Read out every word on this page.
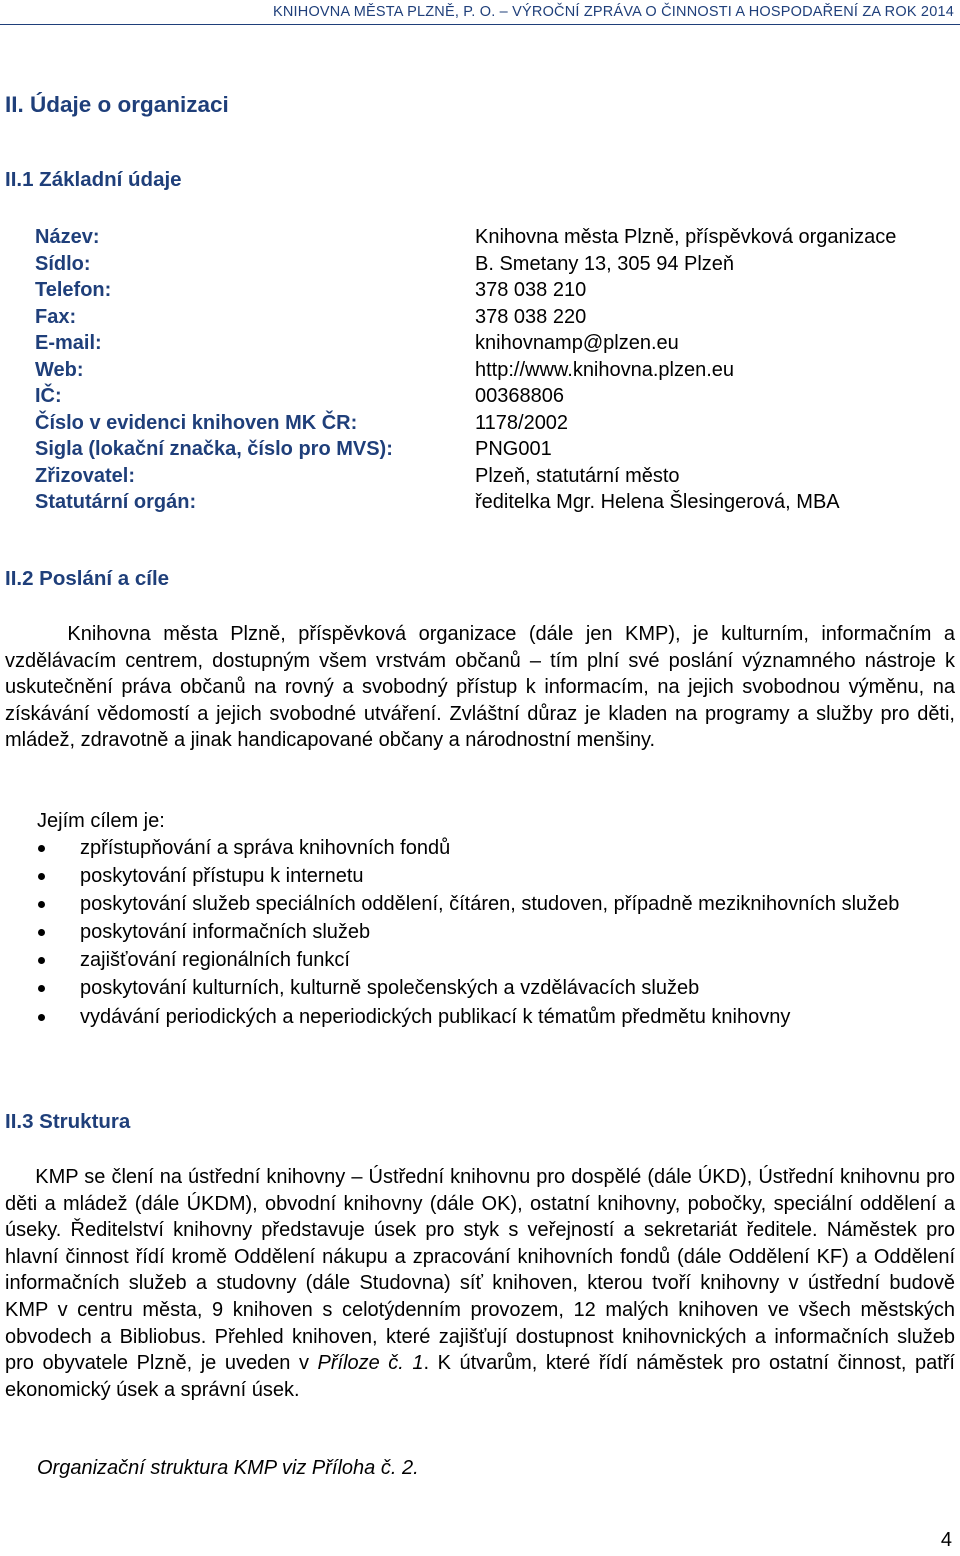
KNIHOVNA MĚSTA PLZNĚ, P. O. – VÝROČNÍ ZPRÁVA O ČINNOSTI A HOSPODAŘENÍ ZA ROK 2014
II. Údaje o organizaci
II.1 Základní údaje
Název:	Knihovna města Plzně, příspěvková organizace
Sídlo:	B. Smetany 13, 305 94 Plzeň
Telefon:	378 038 210
Fax:	378 038 220
E-mail:	knihovnamp@plzen.eu
Web:	http://www.knihovna.plzen.eu
IČ:	00368806
Číslo v evidenci knihoven MK ČR:	1178/2002
Sigla (lokační značka, číslo pro MVS):	PNG001
Zřizovatel:	Plzeň, statutární město
Statutární orgán:	ředitelka Mgr. Helena Šlesingerová, MBA
II.2 Poslání a cíle

Knihovna města Plzně, příspěvková organizace (dále jen KMP), je kulturním, informačním a vzdělávacím centrem, dostupným všem vrstvám občanů – tím plní své poslání významného nástroje k uskutečnění práva občanů na rovný a svobodný přístup k informacím, na jejich svobodnou výměnu, na získávání vědomostí a jejich svobodné utváření. Zvláštní důraz je kladen na programy a služby pro děti, mládež, zdravotně a jinak handicapované občany a národnostní menšiny.

Jejím cílem je:

zpřístupňování a správa knihovních fondů
poskytování přístupu k internetu
poskytování služeb speciálních oddělení, čítáren, studoven, případně meziknihovních služeb
poskytování informačních služeb
zajišťování regionálních funkcí
poskytování kulturních, kulturně společenských a vzdělávacích služeb
vydávání periodických a neperiodických publikací k tématům předmětu knihovny
II.3 Struktura

KMP se člení na ústřední knihovny – Ústřední knihovnu pro dospělé (dále ÚKD), Ústřední knihovnu pro děti a mládež (dále ÚKDM), obvodní knihovny (dále OK), ostatní knihovny, pobočky, speciální oddělení a úseky. Ředitelství knihovny představuje úsek pro styk s veřejností a sekretariát ředitele. Náměstek pro hlavní činnost řídí kromě Oddělení nákupu a zpracování knihovních fondů (dále Oddělení KF) a Oddělení informačních služeb a studovny (dále Studovna) síť knihoven, kterou tvoří knihovny v ústřední budově KMP v centru města, 9 knihoven s celotýdenním provozem, 12 malých knihoven ve všech městských obvodech a Bibliobus. Přehled knihoven, které zajišťují dostupnost knihovnických a informačních služeb pro obyvatele Plzně, je uveden v Příloze č. 1. K útvarům, které řídí náměstek pro ostatní činnost, patří ekonomický úsek a správní úsek.

Organizační struktura KMP viz Příloha č. 2.

4
